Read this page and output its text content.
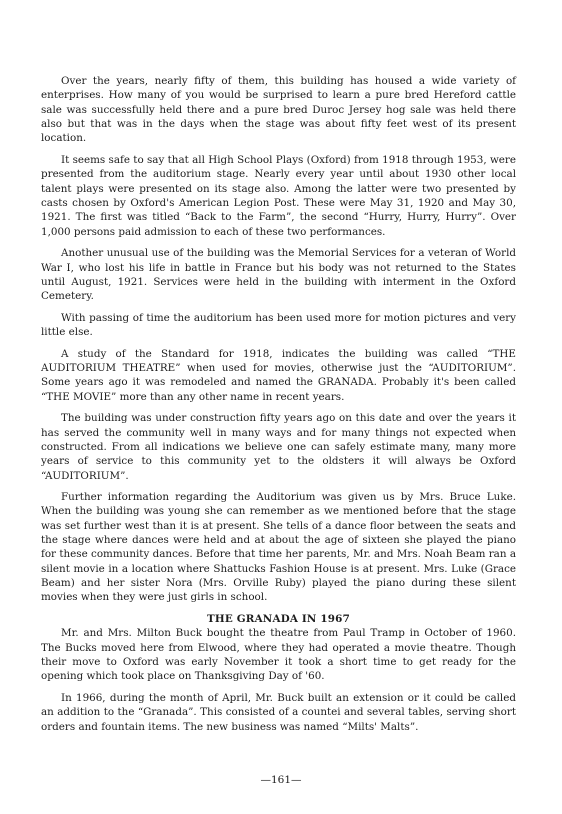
Over the years, nearly fifty of them, this building has housed a wide variety of enterprises. How many of you would be surprised to learn a pure bred Hereford cattle sale was successfully held there and a pure bred Duroc Jersey hog sale was held there also but that was in the days when the stage was about fifty feet west of its present location.

It seems safe to say that all High School Plays (Oxford) from 1918 through 1953, were presented from the auditorium stage. Nearly every year until about 1930 other local talent plays were presented on its stage also. Among the latter were two presented by casts chosen by Oxford's American Legion Post. These were May 31, 1920 and May 30, 1921. The first was titled “Back to the Farm”, the second “Hurry, Hurry, Hurry”. Over 1,000 persons paid admission to each of these two performances.

Another unusual use of the building was the Memorial Services for a veteran of World War I, who lost his life in battle in France but his body was not returned to the States until August, 1921. Services were held in the building with interment in the Oxford Cemetery.

With passing of time the auditorium has been used more for motion pictures and very little else.

A study of the Standard for 1918, indicates the building was called “THE AUDITORIUM THEATRE” when used for movies, otherwise just the “AUDITORIUM”. Some years ago it was remodeled and named the GRANADA. Probably it's been called “THE MOVIE” more than any other name in recent years.

The building was under construction fifty years ago on this date and over the years it has served the community well in many ways and for many things not expected when constructed. From all indications we believe one can safely estimate many, many more years of service to this community yet to the oldsters it will always be Oxford “AUDITORIUM”.

Further information regarding the Auditorium was given us by Mrs. Bruce Luke. When the building was young she can remember as we mentioned before that the stage was set further west than it is at present. She tells of a dance floor between the seats and the stage where dances were held and at about the age of sixteen she played the piano for these community dances. Before that time her parents, Mr. and Mrs. Noah Beam ran a silent movie in a location where Shattucks Fashion House is at present. Mrs. Luke (Grace Beam) and her sister Nora (Mrs. Orville Ruby) played the piano during these silent movies when they were just girls in school.

THE GRANADA IN 1967

Mr. and Mrs. Milton Buck bought the theatre from Paul Tramp in October of 1960. The Bucks moved here from Elwood, where they had operated a movie theatre. Though their move to Oxford was early November it took a short time to get ready for the opening which took place on Thanksgiving Day of '60.

In 1966, during the month of April, Mr. Buck built an extension or it could be called an addition to the “Granada”. This consisted of a countei and several tables, serving short orders and fountain items. The new business was named “Milts' Malts”.

—161—
